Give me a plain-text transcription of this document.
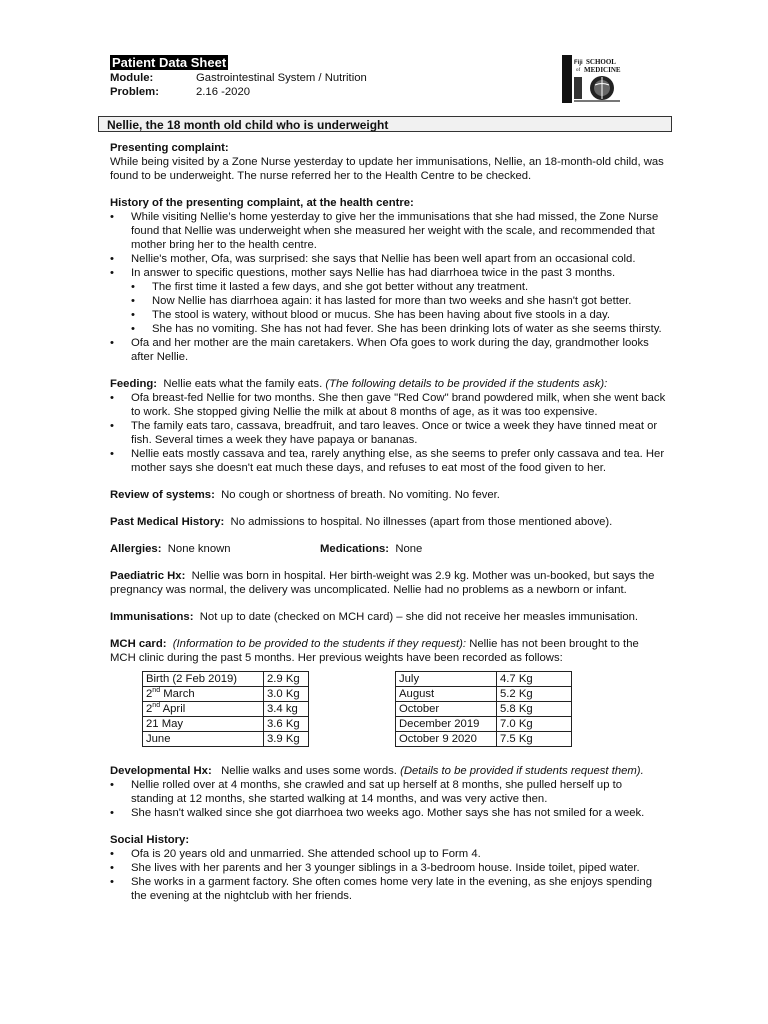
Patient Data Sheet
Module:	Gastrointestinal System / Nutrition
Problem:	2.16 -2020
Fiji SCHOOL
of MEDICINE
Nellie, the 18 month old child who is underweight

Presenting complaint:

While being visited by a Zone Nurse yesterday to update her immunisations, Nellie, an 18-month-old child, was found to be underweight. The nurse referred her to the Health Centre to be checked.

History of the presenting complaint, at the health centre:

• While visiting Nellie’s home yesterday to give her the immunisations that she had missed, the Zone Nurse found that Nellie was underweight when she measured her weight with the scale, and recommended that mother bring her to the health centre.
• Nellie's mother, Ofa, was surprised: she says that Nellie has been well apart from an occasional cold.
• In answer to specific questions, mother says Nellie has had diarrhoea twice in the past 3 months.
• The first time it lasted a few days, and she got better without any treatment.
• Now Nellie has diarrhoea again: it has lasted for more than two weeks and she hasn't got better.
• The stool is watery, without blood or mucus. She has been having about five stools in a day.
• She has no vomiting. She has not had fever. She has been drinking lots of water as she seems thirsty.
• Ofa and her mother are the main caretakers. When Ofa goes to work during the day, grandmother looks after Nellie.

Feeding: Nellie eats what the family eats. (The following details to be provided if the students ask):

• Ofa breast-fed Nellie for two months. She then gave "Red Cow" brand powdered milk, when she went back to work. She stopped giving Nellie the milk at about 8 months of age, as it was too expensive.
• The family eats taro, cassava, breadfruit, and taro leaves. Once or twice a week they have tinned meat or fish. Several times a week they have papaya or bananas.
• Nellie eats mostly cassava and tea, rarely anything else, as she seems to prefer only cassava and tea. Her mother says she doesn't eat much these days, and refuses to eat most of the food given to her.

Review of systems: No cough or shortness of breath. No vomiting. No fever.

Past Medical History: No admissions to hospital. No illnesses (apart from those mentioned above).

Allergies: None known	Medications: None

Paediatric Hx: Nellie was born in hospital. Her birth-weight was 2.9 kg. Mother was un-booked, but says the pregnancy was normal, the delivery was uncomplicated. Nellie had no problems as a newborn or infant.

Immunisations: Not up to date (checked on MCH card) – she did not receive her measles immunisation.

MCH card: (Information to be provided to the students if they request): Nellie has not been brought to the MCH clinic during the past 5 months. Her previous weights have been recorded as follows:

Birth (2 Feb 2019)	2.9 Kg
2nd March	3.0 Kg
2nd April	3.4 kg
21 May	3.6 Kg
June	3.9 Kg
July	4.7 Kg
August	5.2 Kg
October	5.8 Kg
December 2019	7.0 Kg
October 9 2020	7.5 Kg

Developmental Hx: Nellie walks and uses some words. (Details to be provided if students request them).

• Nellie rolled over at 4 months, she crawled and sat up herself at 8 months, she pulled herself up to standing at 12 months, she started walking at 14 months, and was very active then.
• She hasn't walked since she got diarrhoea two weeks ago. Mother says she has not smiled for a week.

Social History:

• Ofa is 20 years old and unmarried. She attended school up to Form 4.
• She lives with her parents and her 3 younger siblings in a 3-bedroom house. Inside toilet, piped water.
• She works in a garment factory. She often comes home very late in the evening, as she enjoys spending the evening at the nightclub with her friends.
